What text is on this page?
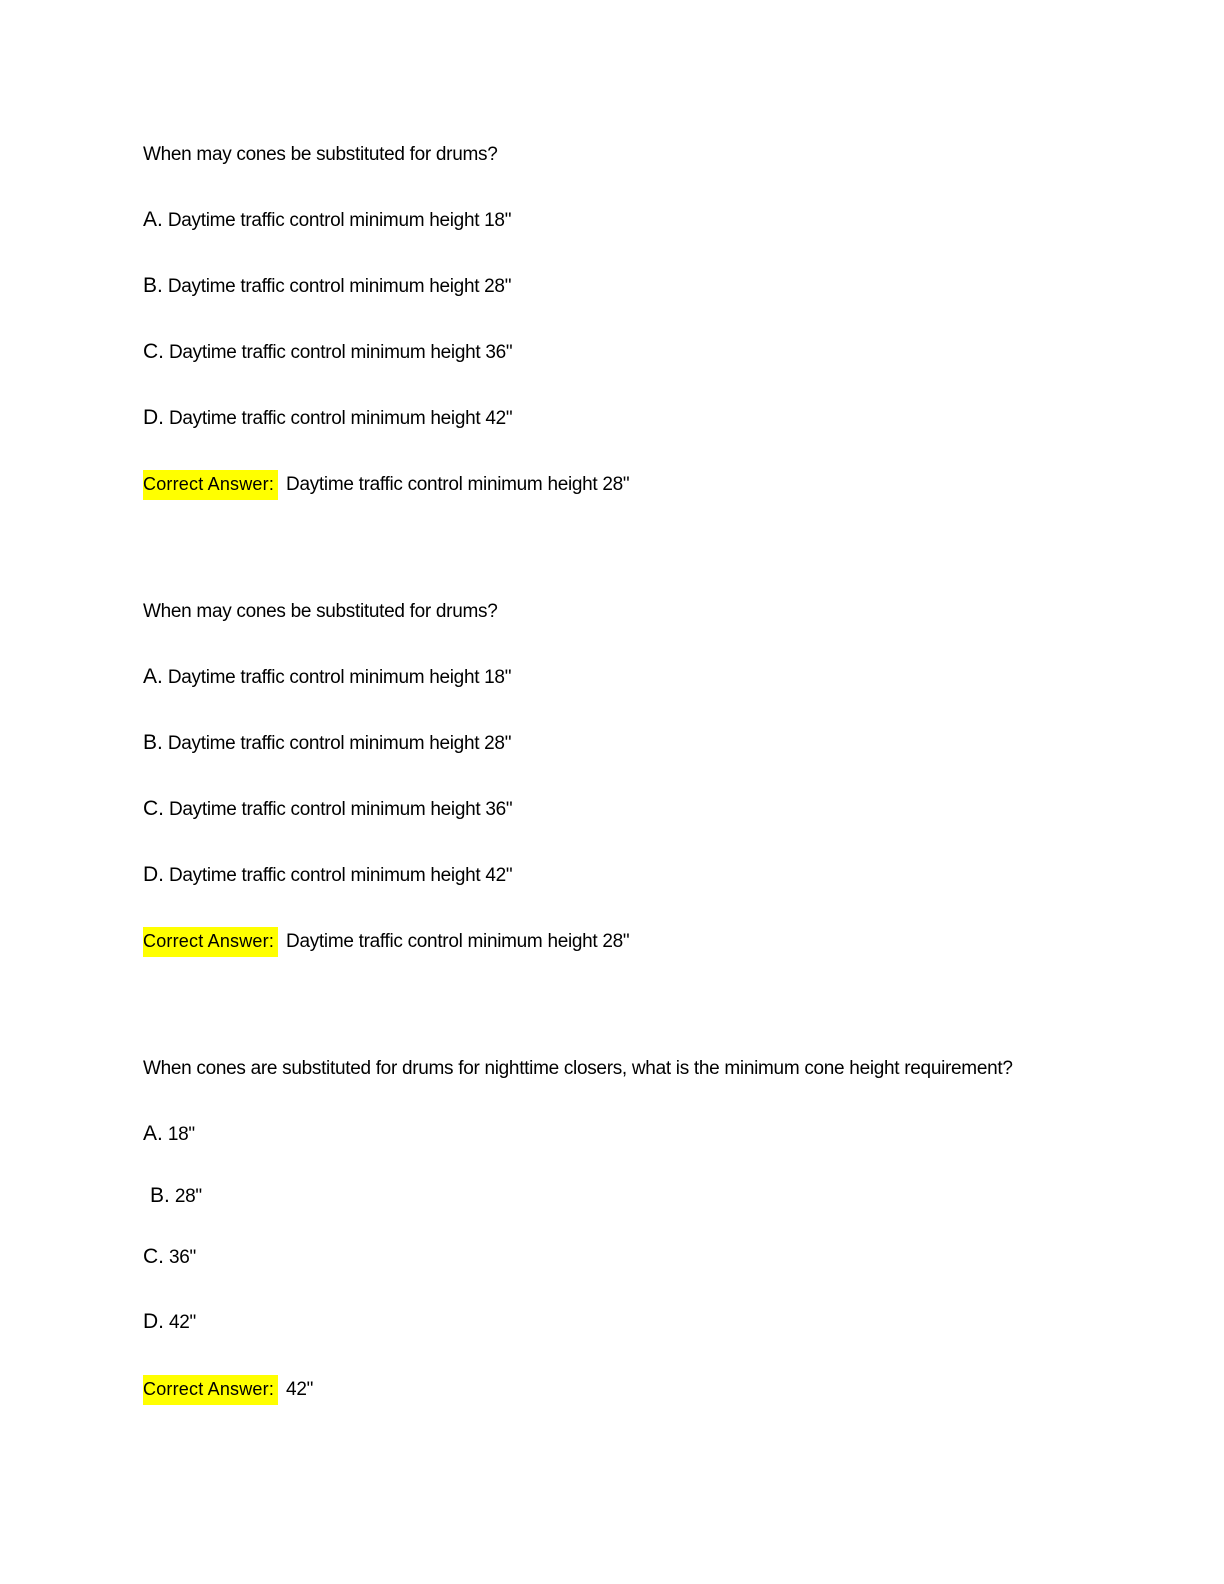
When may cones be substituted for drums?
A. Daytime traffic control minimum height 18"
B. Daytime traffic control minimum height 28"
C. Daytime traffic control minimum height 36"
D. Daytime traffic control minimum height 42"
Correct Answer: Daytime traffic control minimum height 28"
When may cones be substituted for drums?
A. Daytime traffic control minimum height 18"
B. Daytime traffic control minimum height 28"
C. Daytime traffic control minimum height 36"
D. Daytime traffic control minimum height 42"
Correct Answer: Daytime traffic control minimum height 28"
When cones are substituted for drums for nighttime closers, what is the minimum cone height requirement?
A. 18"
B. 28"
C. 36"
D. 42"
Correct Answer: 42"
